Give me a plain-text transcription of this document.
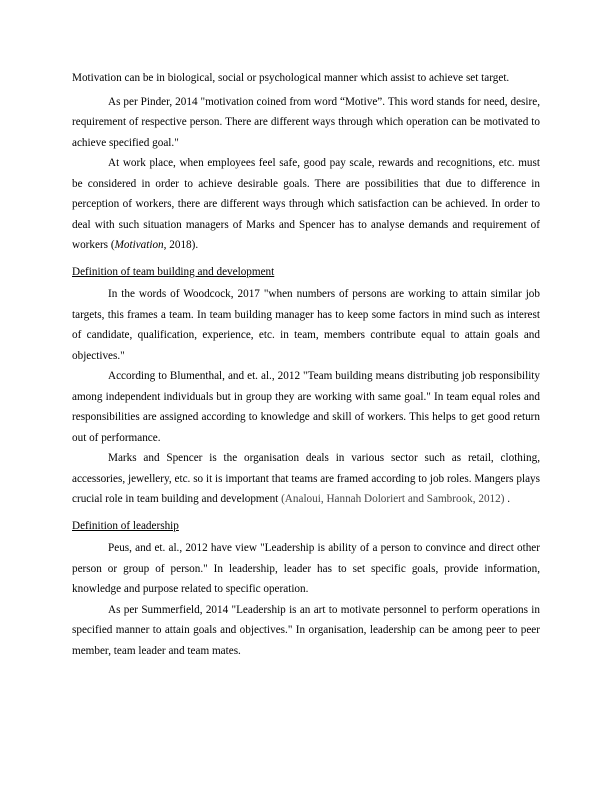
Motivation can be in biological, social or psychological manner which assist to achieve set target.

As per Pinder, 2014 "motivation coined from word “Motive”. This word stands for need, desire, requirement of respective person. There are different ways through which operation can be motivated to achieve specified goal."

At work place, when employees feel safe, good pay scale, rewards and recognitions, etc. must be considered in order to achieve desirable goals. There are possibilities that due to difference in perception of workers, there are different ways through which satisfaction can be achieved. In order to deal with such situation managers of Marks and Spencer has to analyse demands and requirement of workers (Motivation, 2018).

Definition of team building and development

In the words of Woodcock, 2017 "when numbers of persons are working to attain similar job targets, this frames a team. In team building manager has to keep some factors in mind such as interest of candidate, qualification, experience, etc. in team, members contribute equal to attain goals and objectives."

According to Blumenthal, and et. al., 2012 "Team building means distributing job responsibility among independent individuals but in group they are working with same goal." In team equal roles and responsibilities are assigned according to knowledge and skill of workers. This helps to get good return out of performance.

Marks and Spencer is the organisation deals in various sector such as retail, clothing, accessories, jewellery, etc. so it is important that teams are framed according to job roles. Mangers plays crucial role in team building and development (Analoui, Hannah Doloriert and Sambrook, 2012) .

Definition of leadership

Peus, and et. al., 2012 have view "Leadership is ability of a person to convince and direct other person or group of person." In leadership, leader has to set specific goals, provide information, knowledge and purpose related to specific operation.

As per Summerfield, 2014 "Leadership is an art to motivate personnel to perform operations in specified manner to attain goals and objectives." In organisation, leadership can be among peer to peer member, team leader and team mates.
